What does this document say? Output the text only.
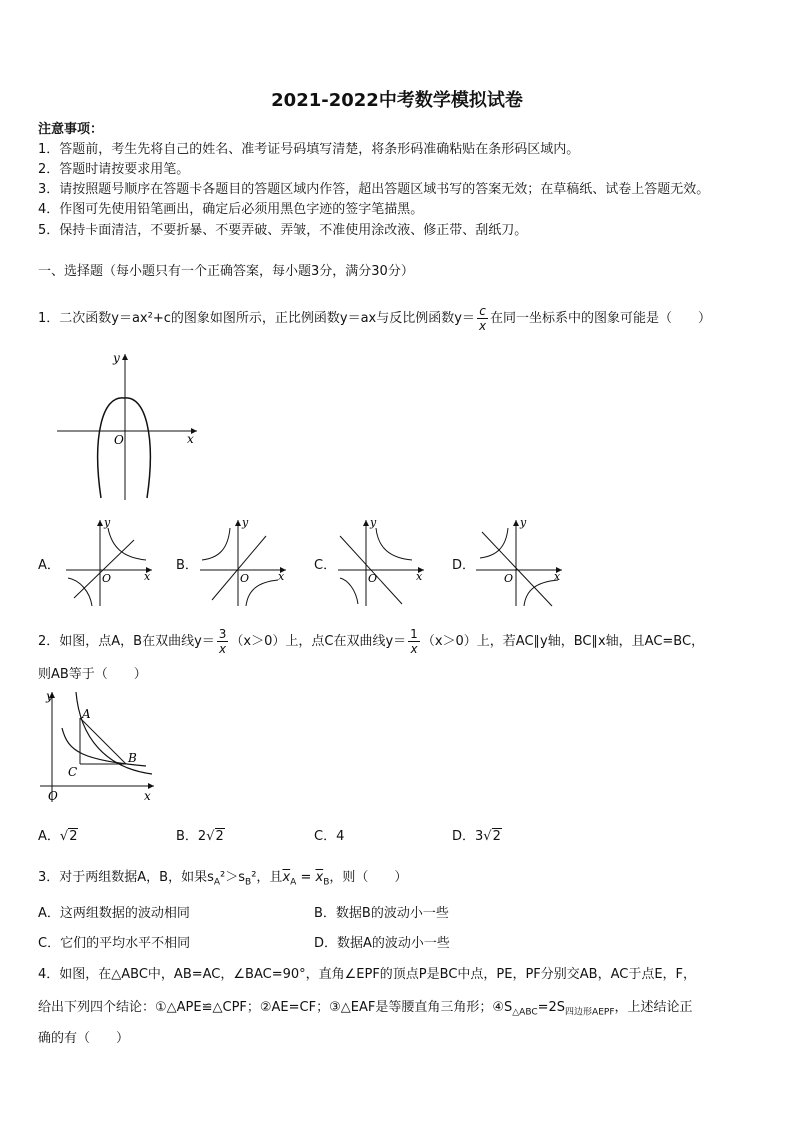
2021-2022中考数学模拟试卷
注意事项：
1．答题前，考生先将自己的姓名、准考证号码填写清楚，将条形码准确粘贴在条形码区域内。
2．答题时请按要求用笔。
3．请按照题号顺序在答题卡各题目的答题区域内作答，超出答题区域书写的答案无效；在草稿纸、试卷上答题无效。
4．作图可先使用铅笔画出，确定后必须用黑色字迹的签字笔描黑。
5．保持卡面清洁，不要折暴、不要弄破、弄皱，不准使用涂改液、修正带、刮纸刀。
一、选择题（每小题只有一个正确答案，每小题3分，满分30分）
1．二次函数y＝ax²+c的图象如图所示，正比例函数y＝ax与反比例函数$y= \frac{c}{x}$ 在同一坐标系中的图象可能是（　　）
y
x
O
A．
y
x
O
B．
y
x
O
C．
y
x
O
D．
y
x
O
2．如图，点A，B在双曲线$y= \frac{3}{x} (x>0)$上，点C在双曲线$y= \frac{1}{x} (x>0)$上，若AC∥y轴，BC∥x轴，且AC=BC，
则AB等于（　　）
y
x
O
A
B
C
A．√2	B．2√2	C．4	D．3√2
3．对于两组数据A，B，如果$s_A^2>s_B^2$，且$\overline{x}_A = \overline{x}_B$，则（　　）
A．这两组数据的波动相同	B．数据B的波动小一些
C．它们的平均水平不相同	D．数据A的波动小一些
4．如图，在△ABC中，AB=AC，∠BAC=90°，直角∠EPF的顶点P是BC中点，PE，PF分别交AB，AC于点E，F，
给出下列四个结论：①△APE≌△CPF；②AE=CF；③△EAF是等腰直角三角形；$④S_{\triangle ABC}=2S_{四边形AEPF}$，上述结论正
确的有（　　）
